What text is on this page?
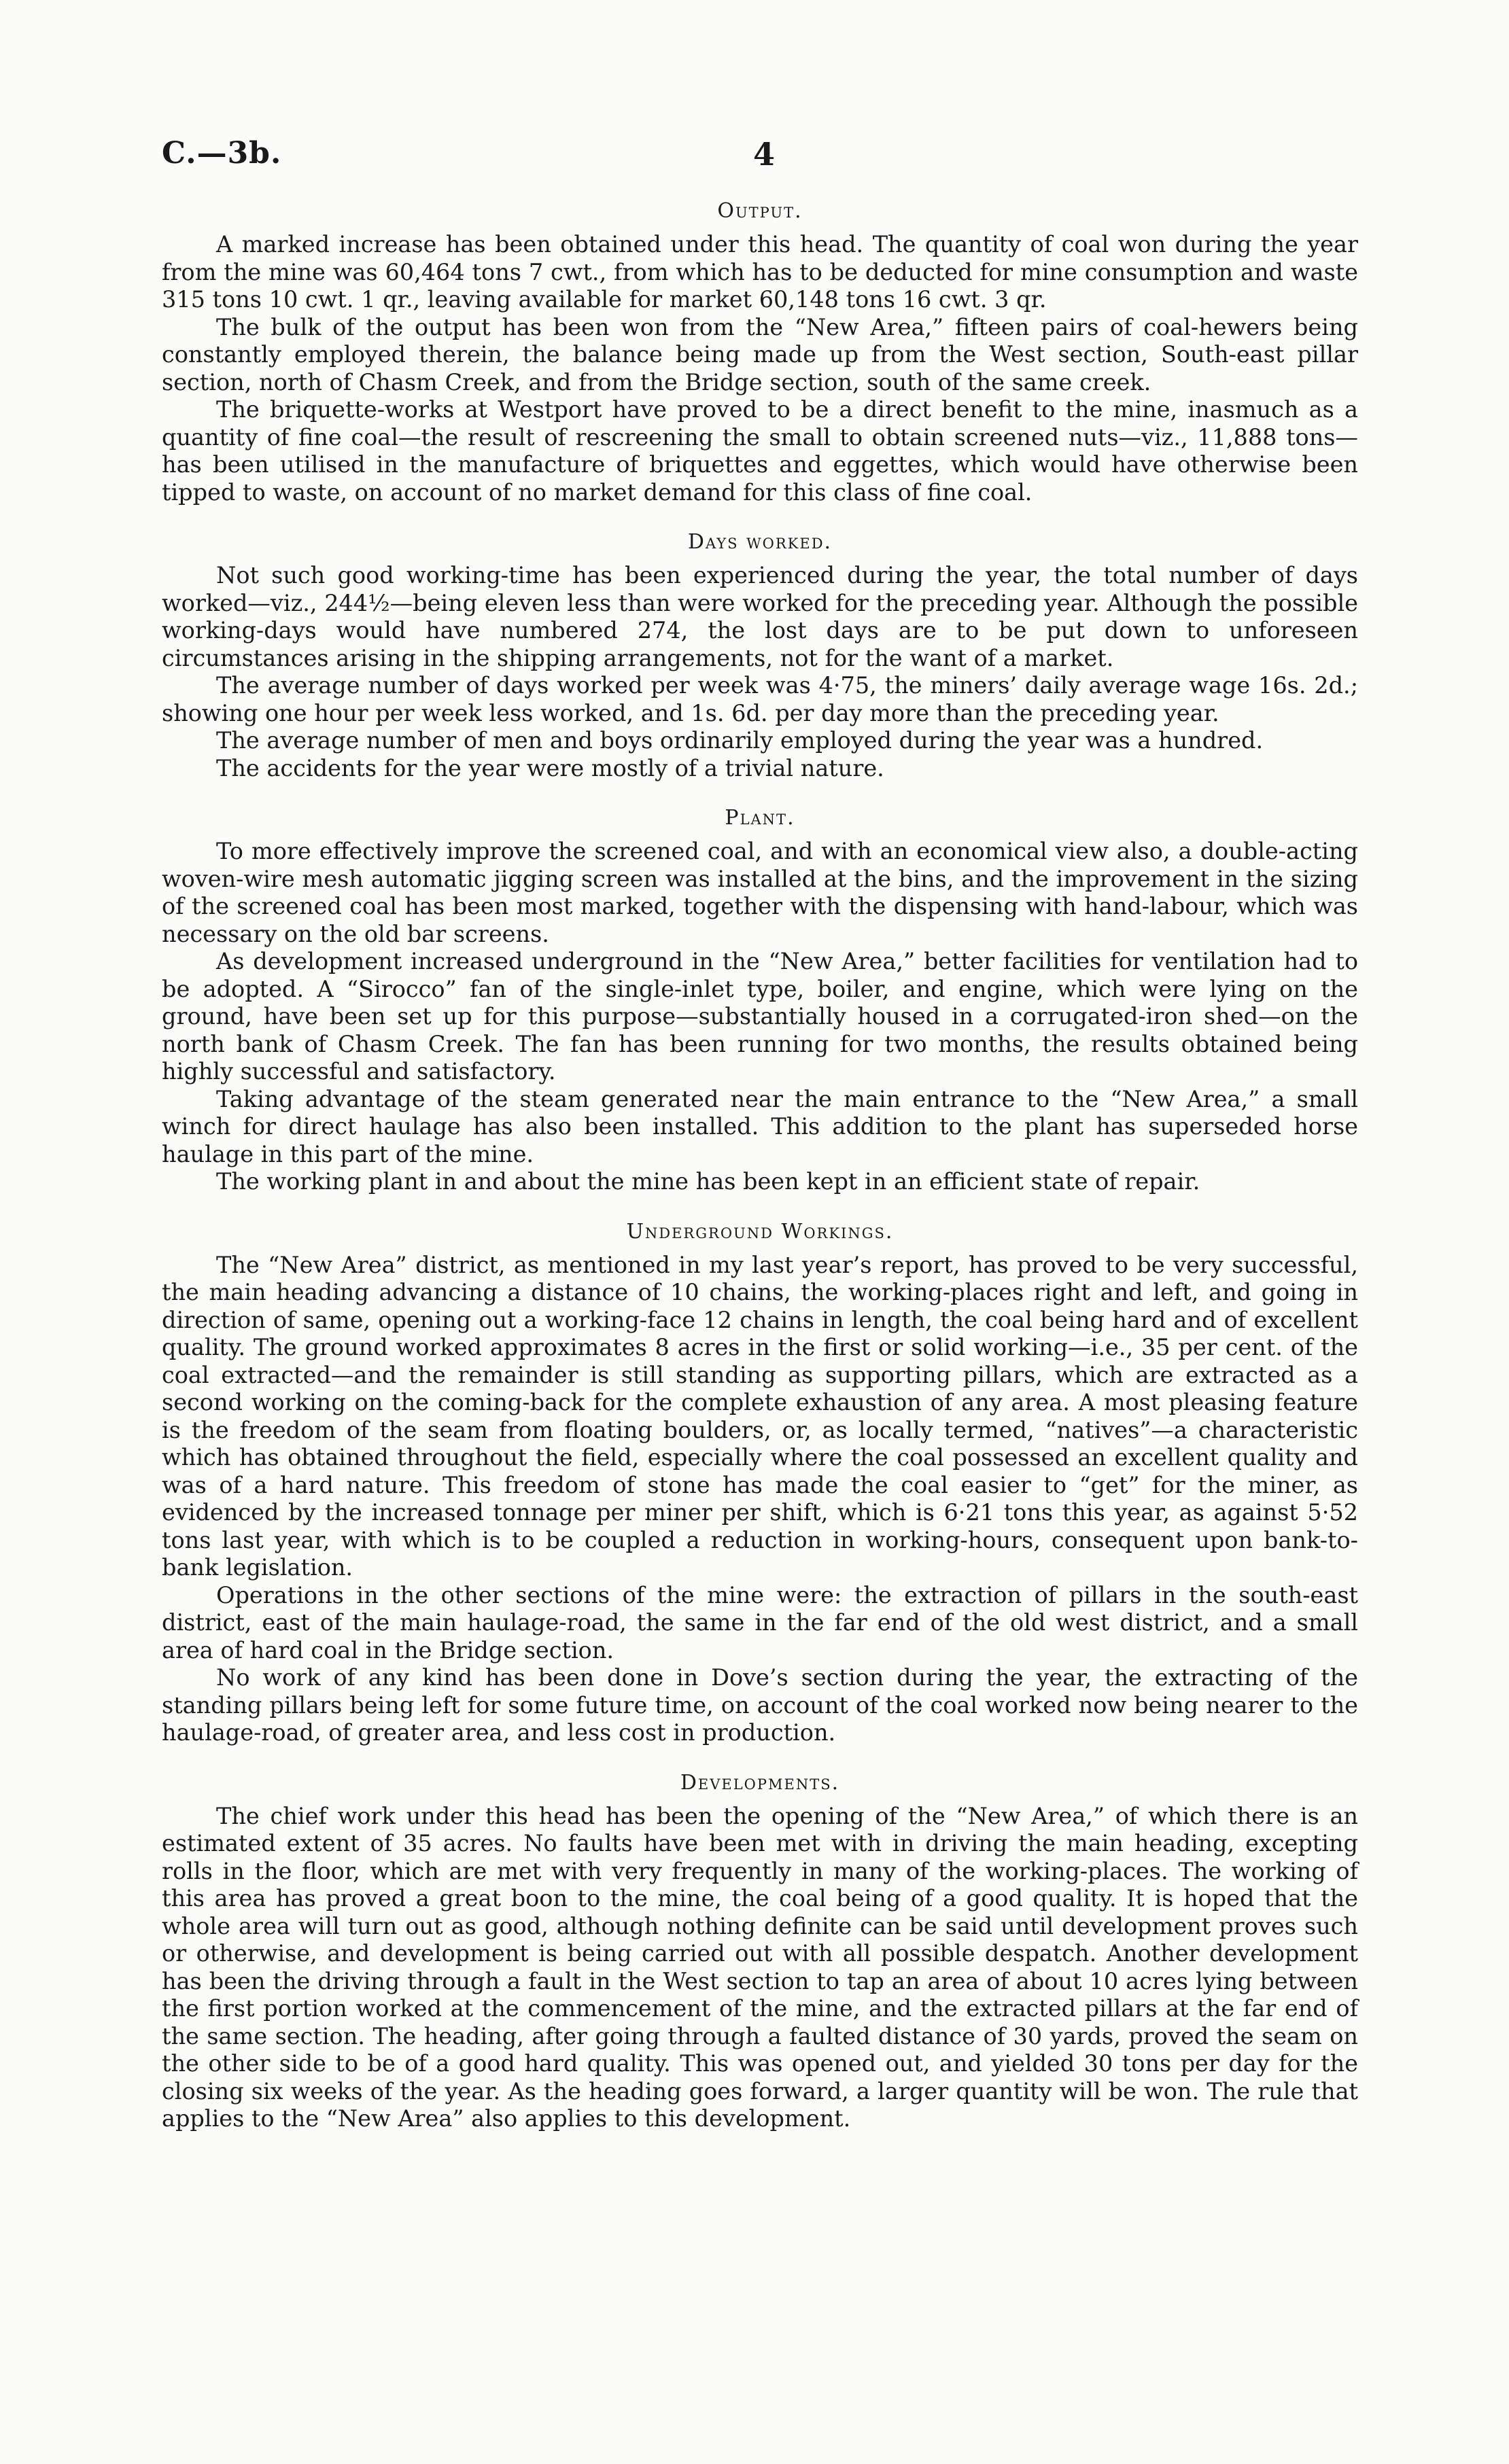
C.—3b.	4
Output.

A marked increase has been obtained under this head. The quantity of coal won during the year from the mine was 60,464 tons 7 cwt., from which has to be deducted for mine consumption and waste 315 tons 10 cwt. 1 qr., leaving available for market 60,148 tons 16 cwt. 3 qr.

The bulk of the output has been won from the “New Area,” fifteen pairs of coal-hewers being constantly employed therein, the balance being made up from the West section, South-east pillar section, north of Chasm Creek, and from the Bridge section, south of the same creek.

The briquette-works at Westport have proved to be a direct benefit to the mine, inasmuch as a quantity of fine coal—the result of rescreening the small to obtain screened nuts—viz., 11,888 tons—has been utilised in the manufacture of briquettes and eggettes, which would have otherwise been tipped to waste, on account of no market demand for this class of fine coal.

Days worked.

Not such good working-time has been experienced during the year, the total number of days worked—viz., 244½—being eleven less than were worked for the preceding year. Although the possible working-days would have numbered 274, the lost days are to be put down to unforeseen circumstances arising in the shipping arrangements, not for the want of a market.

The average number of days worked per week was 4·75, the miners’ daily average wage 16s. 2d.; showing one hour per week less worked, and 1s. 6d. per day more than the preceding year.

The average number of men and boys ordinarily employed during the year was a hundred.

The accidents for the year were mostly of a trivial nature.

Plant.

To more effectively improve the screened coal, and with an economical view also, a double-acting woven-wire mesh automatic jigging screen was installed at the bins, and the improvement in the sizing of the screened coal has been most marked, together with the dispensing with hand-labour, which was necessary on the old bar screens.

As development increased underground in the “New Area,” better facilities for ventilation had to be adopted. A “Sirocco” fan of the single-inlet type, boiler, and engine, which were lying on the ground, have been set up for this purpose—substantially housed in a corrugated-iron shed—on the north bank of Chasm Creek. The fan has been running for two months, the results obtained being highly successful and satisfactory.

Taking advantage of the steam generated near the main entrance to the “New Area,” a small winch for direct haulage has also been installed. This addition to the plant has superseded horse haulage in this part of the mine.

The working plant in and about the mine has been kept in an efficient state of repair.

Underground Workings.

The “New Area” district, as mentioned in my last year’s report, has proved to be very successful, the main heading advancing a distance of 10 chains, the working-places right and left, and going in direction of same, opening out a working-face 12 chains in length, the coal being hard and of excellent quality. The ground worked approximates 8 acres in the first or solid working—i.e., 35 per cent. of the coal extracted—and the remainder is still standing as supporting pillars, which are extracted as a second working on the coming-back for the complete exhaustion of any area. A most pleasing feature is the freedom of the seam from floating boulders, or, as locally termed, “natives”—a characteristic which has obtained throughout the field, especially where the coal possessed an excellent quality and was of a hard nature. This freedom of stone has made the coal easier to “get” for the miner, as evidenced by the increased tonnage per miner per shift, which is 6·21 tons this year, as against 5·52 tons last year, with which is to be coupled a reduction in working-hours, consequent upon bank-to-bank legislation.

Operations in the other sections of the mine were: the extraction of pillars in the south-east district, east of the main haulage-road, the same in the far end of the old west district, and a small area of hard coal in the Bridge section.

No work of any kind has been done in Dove’s section during the year, the extracting of the standing pillars being left for some future time, on account of the coal worked now being nearer to the haulage-road, of greater area, and less cost in production.

Developments.

The chief work under this head has been the opening of the “New Area,” of which there is an estimated extent of 35 acres. No faults have been met with in driving the main heading, excepting rolls in the floor, which are met with very frequently in many of the working-places. The working of this area has proved a great boon to the mine, the coal being of a good quality. It is hoped that the whole area will turn out as good, although nothing definite can be said until development proves such or otherwise, and development is being carried out with all possible despatch. Another development has been the driving through a fault in the West section to tap an area of about 10 acres lying between the first portion worked at the commencement of the mine, and the extracted pillars at the far end of the same section. The heading, after going through a faulted distance of 30 yards, proved the seam on the other side to be of a good hard quality. This was opened out, and yielded 30 tons per day for the closing six weeks of the year. As the heading goes forward, a larger quantity will be won. The rule that applies to the “New Area” also applies to this development.
